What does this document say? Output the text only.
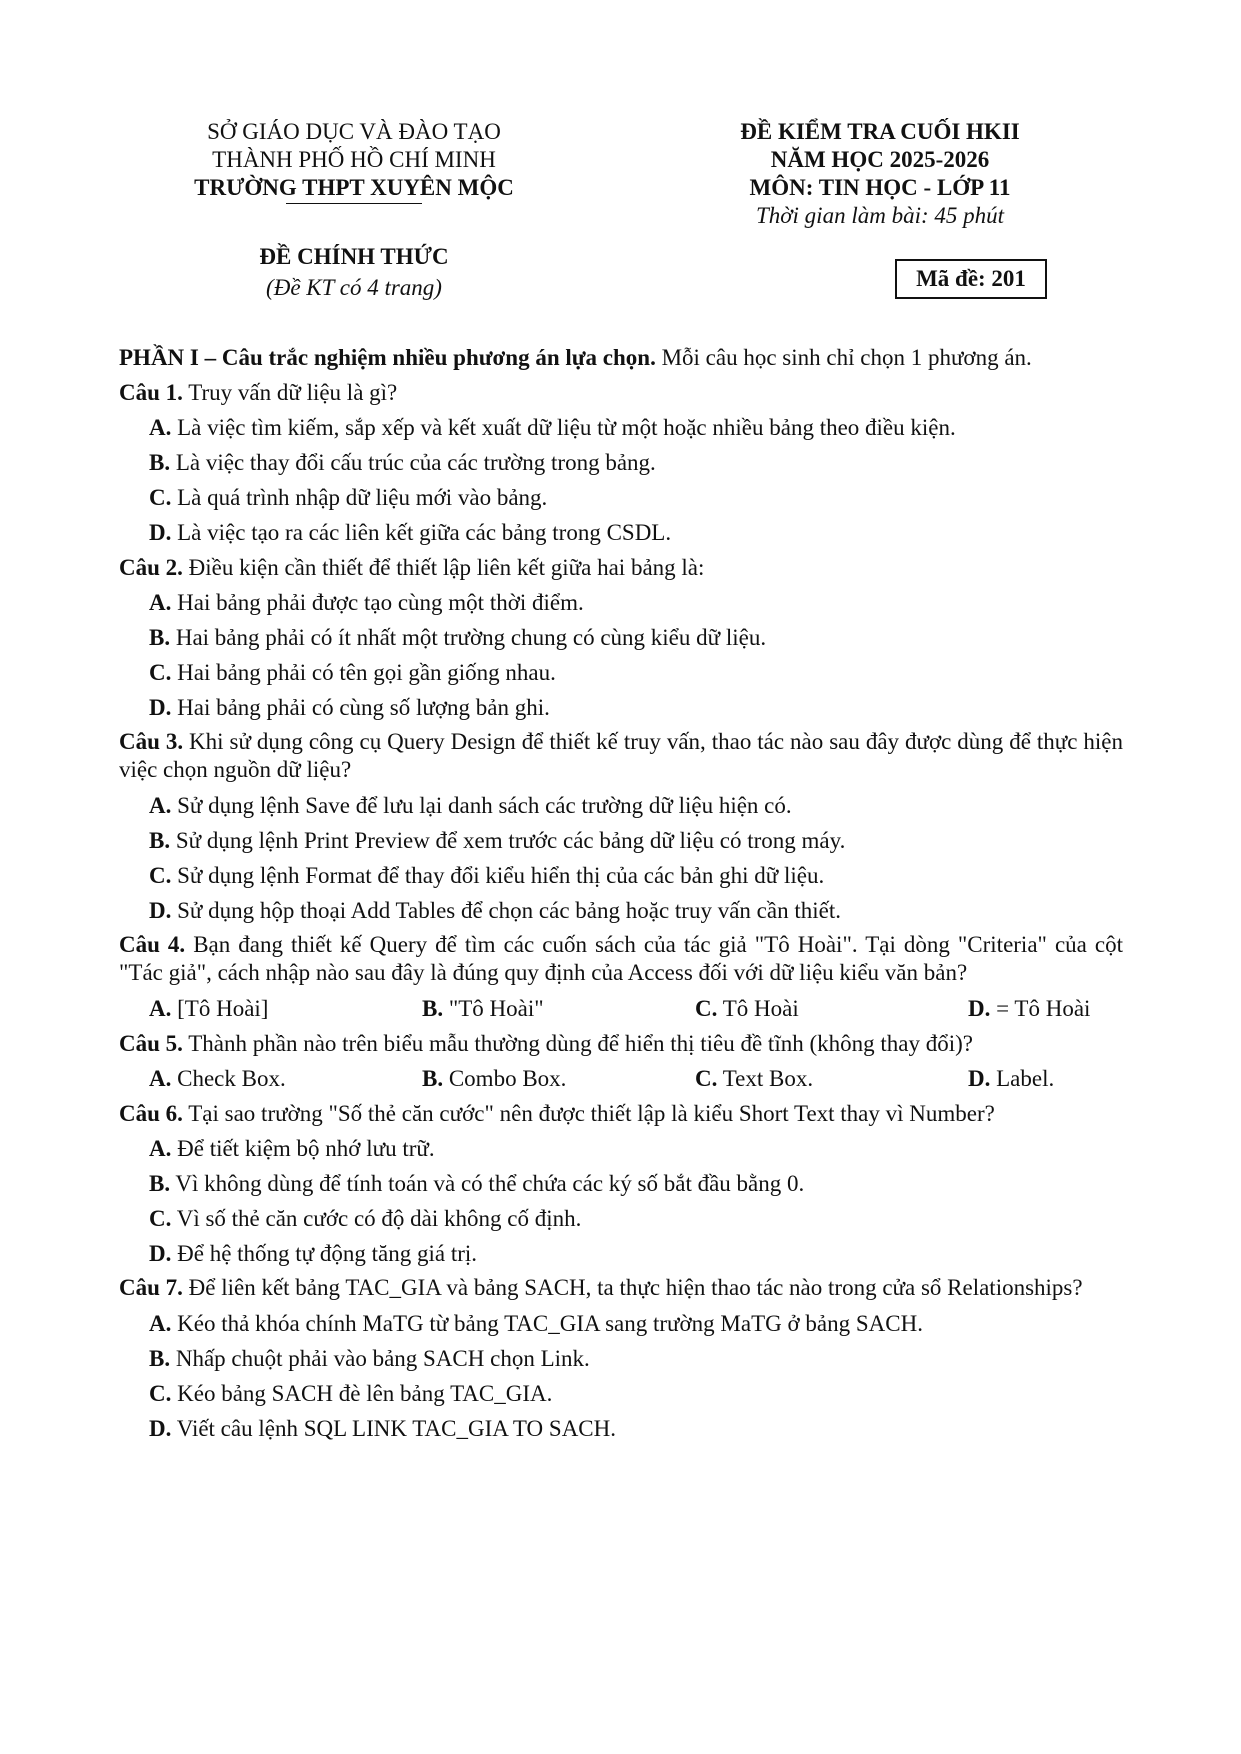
SỞ GIÁO DỤC VÀ ĐÀO TẠO
THÀNH PHỐ HỒ CHÍ MINH
TRƯỜNG THPT XUYÊN MỘC
ĐỀ KIỂM TRA CUỐI HKII
NĂM HỌC 2025-2026
MÔN: TIN HỌC - LỚP 11
Thời gian làm bài: 45 phút
ĐỀ CHÍNH THỨC
(Đề KT có 4 trang)	Mã đề: 201

PHẦN I – Câu trắc nghiệm nhiều phương án lựa chọn. Mỗi câu học sinh chỉ chọn 1 phương án.

Câu 1. Truy vấn dữ liệu là gì?

A. Là việc tìm kiếm, sắp xếp và kết xuất dữ liệu từ một hoặc nhiều bảng theo điều kiện.

B. Là việc thay đổi cấu trúc của các trường trong bảng.

C. Là quá trình nhập dữ liệu mới vào bảng.

D. Là việc tạo ra các liên kết giữa các bảng trong CSDL.

Câu 2. Điều kiện cần thiết để thiết lập liên kết giữa hai bảng là:

A. Hai bảng phải được tạo cùng một thời điểm.

B. Hai bảng phải có ít nhất một trường chung có cùng kiểu dữ liệu.

C. Hai bảng phải có tên gọi gần giống nhau.

D. Hai bảng phải có cùng số lượng bản ghi.

Câu 3. Khi sử dụng công cụ Query Design để thiết kế truy vấn, thao tác nào sau đây được dùng để thực hiện việc chọn nguồn dữ liệu?

A. Sử dụng lệnh Save để lưu lại danh sách các trường dữ liệu hiện có.

B. Sử dụng lệnh Print Preview để xem trước các bảng dữ liệu có trong máy.

C. Sử dụng lệnh Format để thay đổi kiểu hiển thị của các bản ghi dữ liệu.

D. Sử dụng hộp thoại Add Tables để chọn các bảng hoặc truy vấn cần thiết.

Câu 4. Bạn đang thiết kế Query để tìm các cuốn sách của tác giả "Tô Hoài". Tại dòng "Criteria" của cột "Tác giả", cách nhập nào sau đây là đúng quy định của Access đối với dữ liệu kiểu văn bản?

A. [Tô Hoài]	B. "Tô Hoài"	C. Tô Hoài	D. = Tô Hoài

Câu 5. Thành phần nào trên biểu mẫu thường dùng để hiển thị tiêu đề tĩnh (không thay đổi)?

A. Check Box.	B. Combo Box.	C. Text Box.	D. Label.

Câu 6. Tại sao trường "Số thẻ căn cước" nên được thiết lập là kiểu Short Text thay vì Number?

A. Để tiết kiệm bộ nhớ lưu trữ.

B. Vì không dùng để tính toán và có thể chứa các ký số bắt đầu bằng 0.

C. Vì số thẻ căn cước có độ dài không cố định.

D. Để hệ thống tự động tăng giá trị.

Câu 7. Để liên kết bảng TAC_GIA và bảng SACH, ta thực hiện thao tác nào trong cửa sổ Relationships?

A. Kéo thả khóa chính MaTG từ bảng TAC_GIA sang trường MaTG ở bảng SACH.

B. Nhấp chuột phải vào bảng SACH chọn Link.

C. Kéo bảng SACH đè lên bảng TAC_GIA.

D. Viết câu lệnh SQL LINK TAC_GIA TO SACH.
